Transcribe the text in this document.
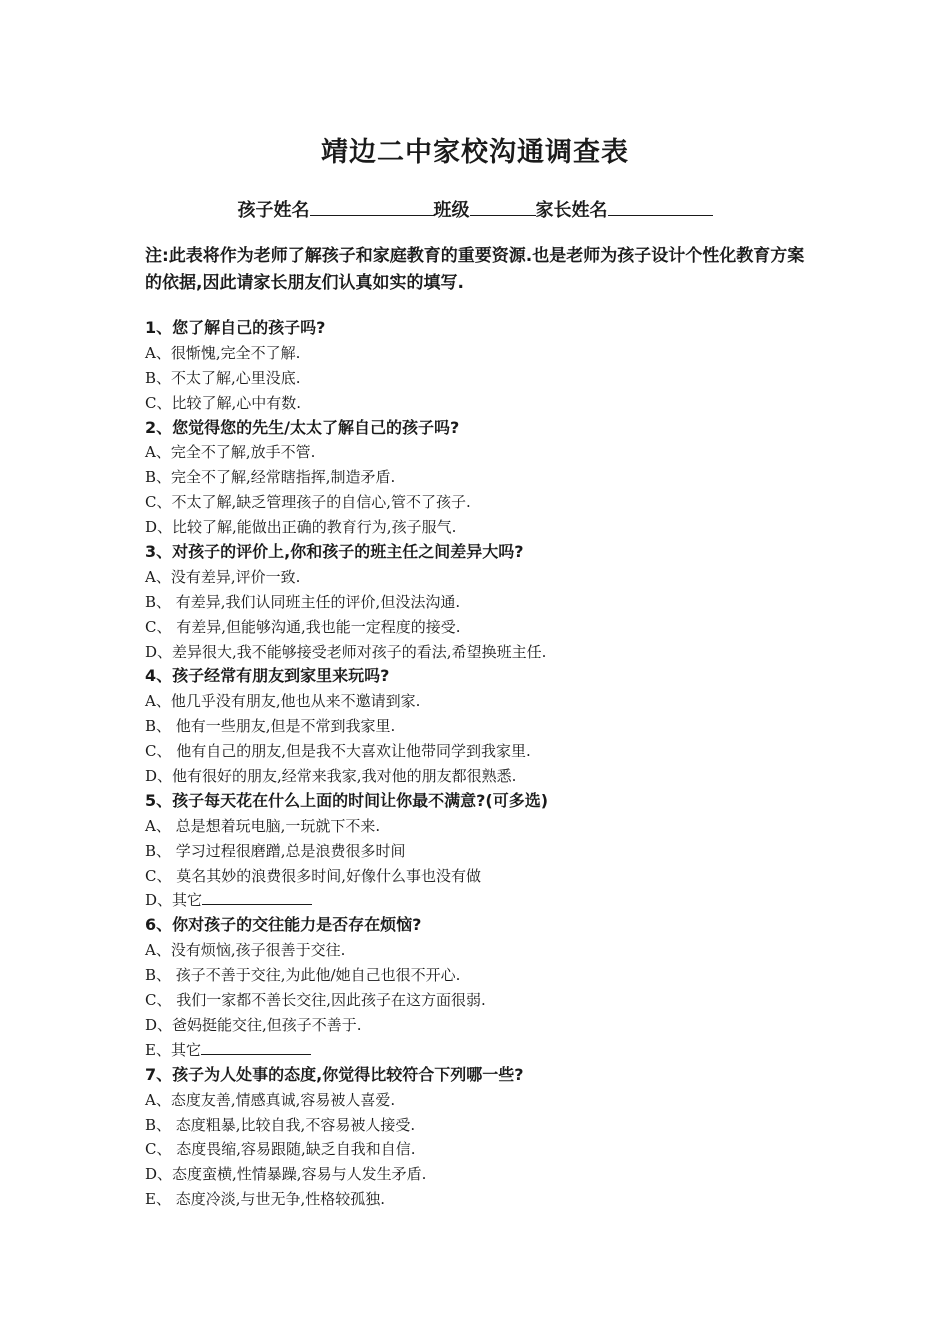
靖边二中家校沟通调查表
孩子姓名	班级	家长姓名
注:此表将作为老师了解孩子和家庭教育的重要资源.也是老师为孩子设计个性化教育方案的依据,因此请家长朋友们认真如实的填写.
1、您了解自己的孩子吗?
A、很惭愧,完全不了解.
B、不太了解,心里没底.
C、比较了解,心中有数.
2、您觉得您的先生/太太了解自己的孩子吗?
A、完全不了解,放手不管.
B、完全不了解,经常瞎指挥,制造矛盾.
C、不太了解,缺乏管理孩子的自信心,管不了孩子.
D、比较了解,能做出正确的教育行为,孩子服气.
3、对孩子的评价上,你和孩子的班主任之间差异大吗?
A、没有差异,评价一致.
B、 有差异,我们认同班主任的评价,但没法沟通.
C、 有差异,但能够沟通,我也能一定程度的接受.
D、差异很大,我不能够接受老师对孩子的看法,希望换班主任.
4、孩子经常有朋友到家里来玩吗?
A、他几乎没有朋友,他也从来不邀请到家.
B、 他有一些朋友,但是不常到我家里.
C、 他有自己的朋友,但是我不大喜欢让他带同学到我家里.
D、他有很好的朋友,经常来我家,我对他的朋友都很熟悉.
5、孩子每天花在什么上面的时间让你最不满意?(可多选)
A、 总是想着玩电脑,一玩就下不来.
B、 学习过程很磨蹭,总是浪费很多时间
C、 莫名其妙的浪费很多时间,好像什么事也没有做
D、其它
6、你对孩子的交往能力是否存在烦恼?
A、没有烦恼,孩子很善于交往.
B、 孩子不善于交往,为此他/她自己也很不开心.
C、 我们一家都不善长交往,因此孩子在这方面很弱.
D、爸妈挺能交往,但孩子不善于.
E、其它
7、孩子为人处事的态度,你觉得比较符合下列哪一些?
A、态度友善,情感真诚,容易被人喜爱.
B、 态度粗暴,比较自我,不容易被人接受.
C、 态度畏缩,容易跟随,缺乏自我和自信.
D、态度蛮横,性情暴躁,容易与人发生矛盾.
E、 态度冷淡,与世无争,性格较孤独.
